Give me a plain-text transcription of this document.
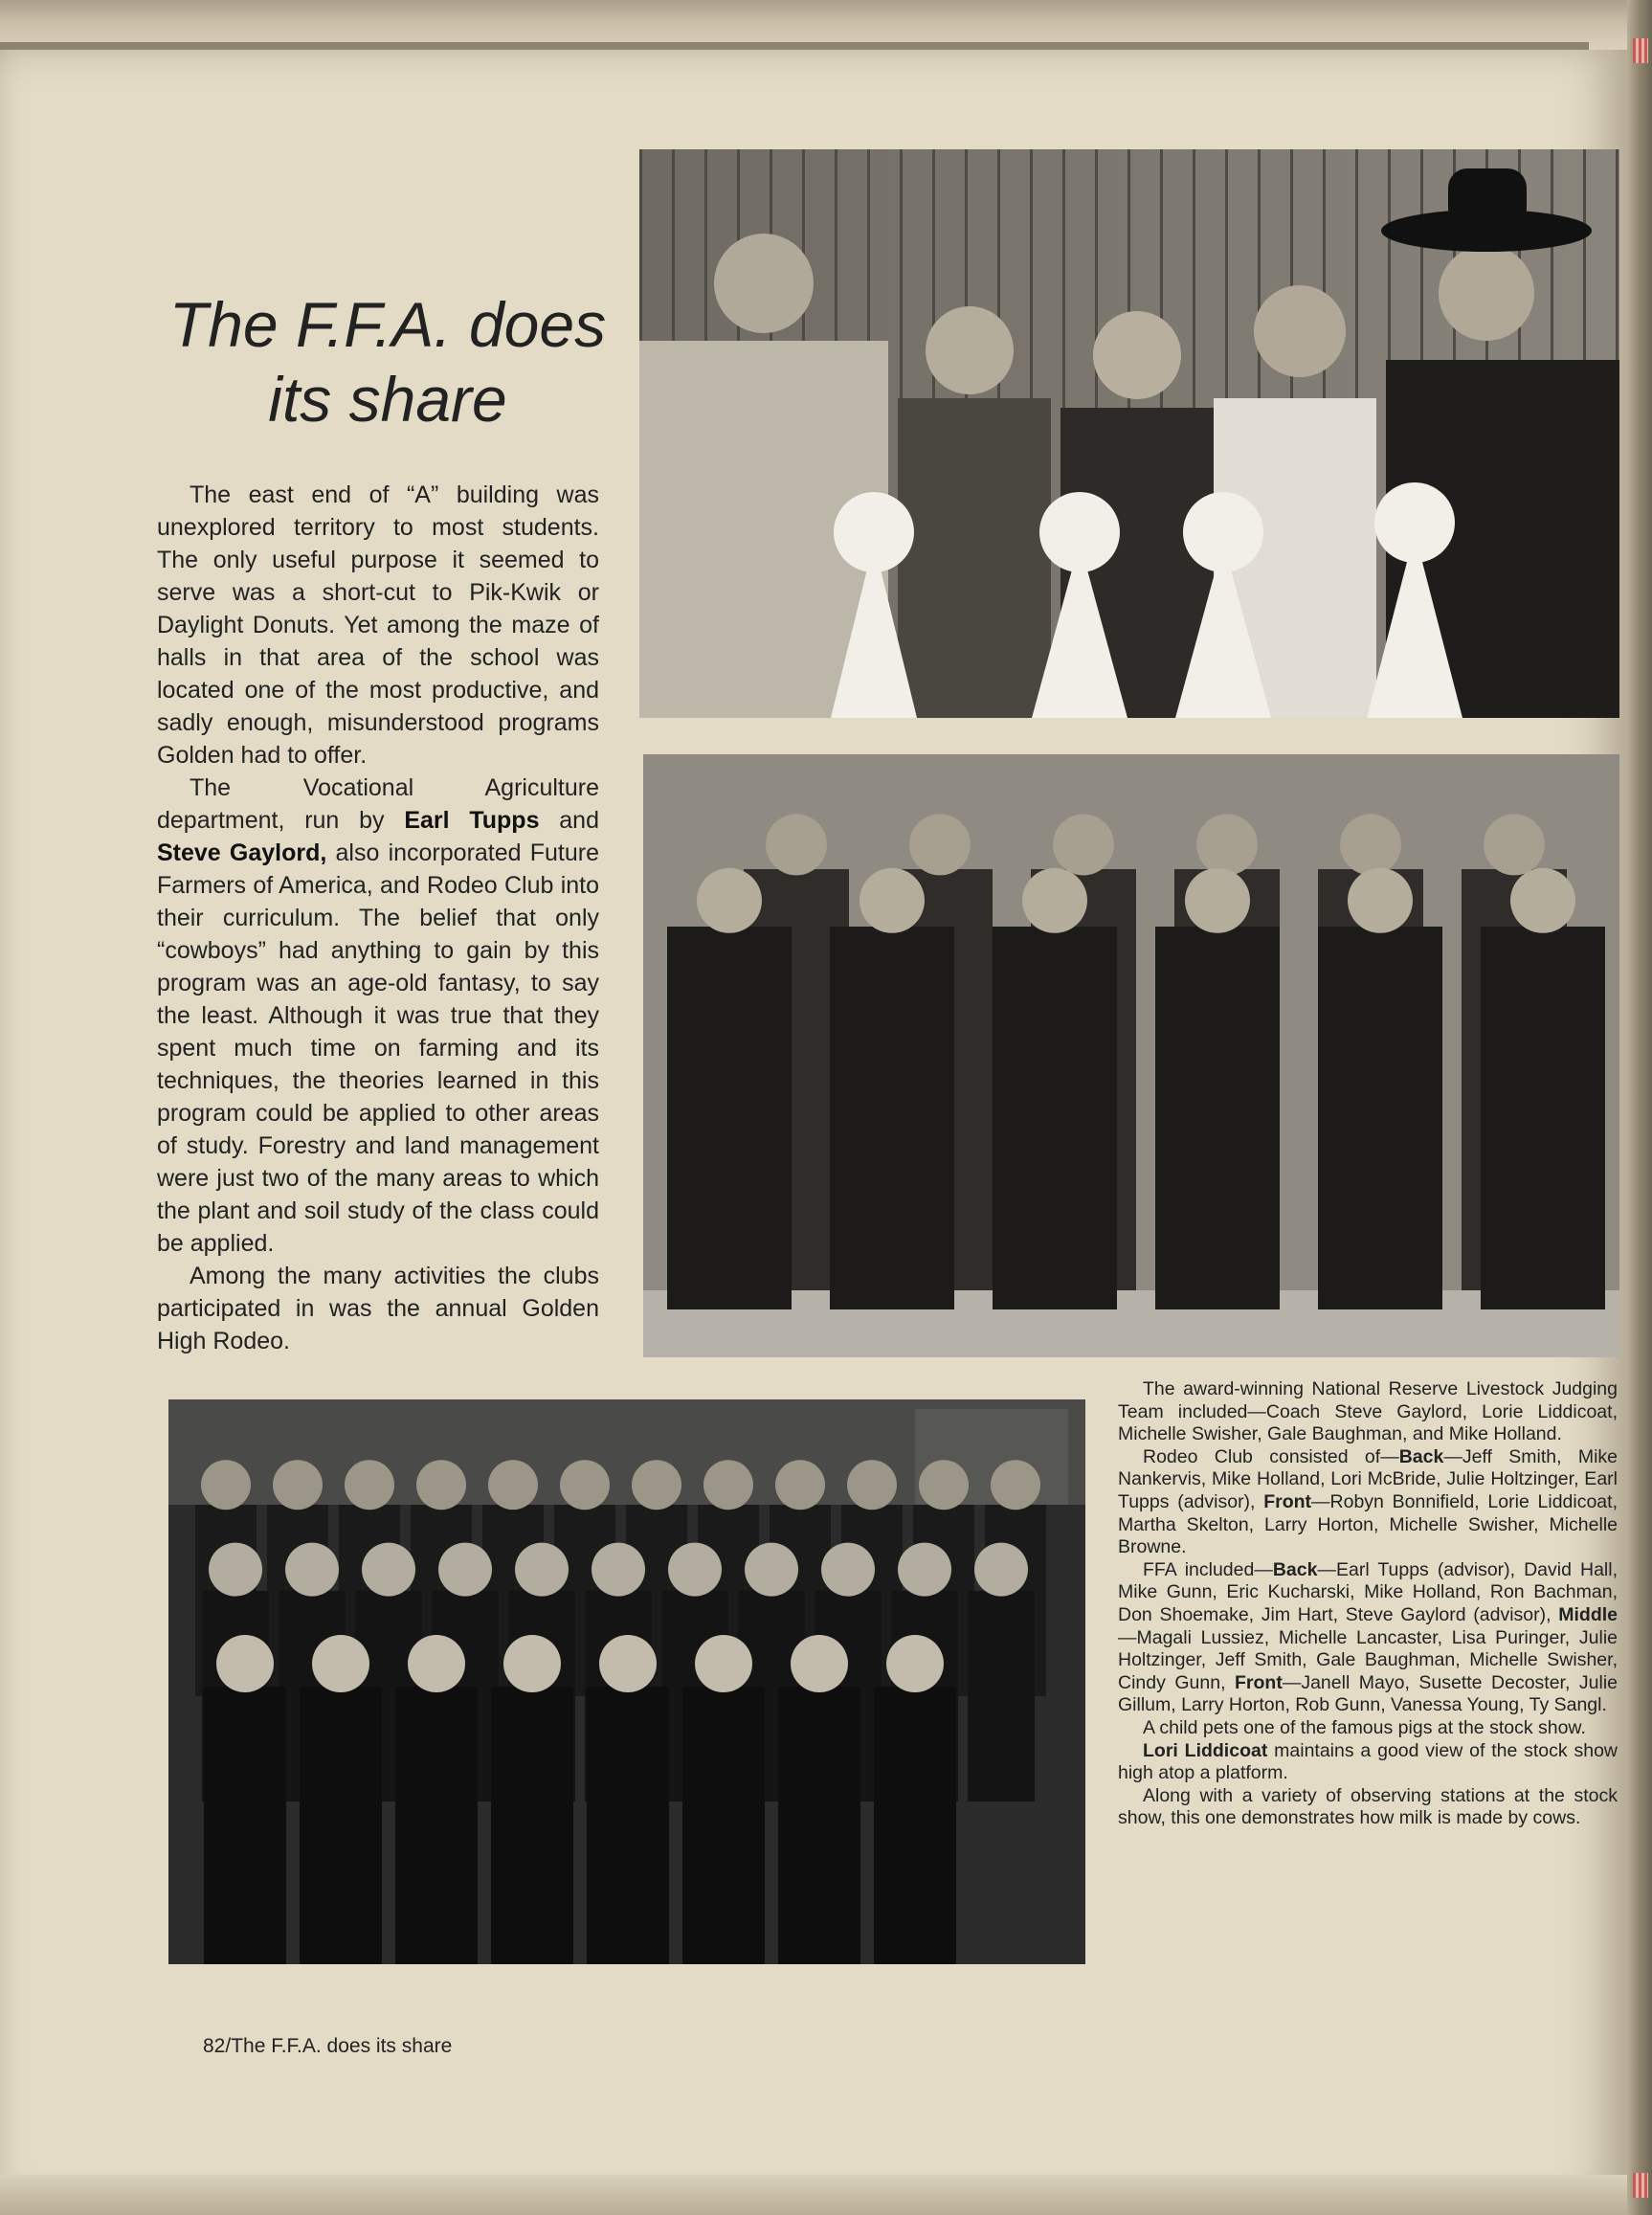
The F.F.A. does its share

The east end of “A” building was unexplored territory to most students. The only useful purpose it seemed to serve was a short-cut to Pik-Kwik or Daylight Donuts. Yet among the maze of halls in that area of the school was located one of the most productive, and sadly enough, misunderstood programs Golden had to offer.

The Vocational Agriculture department, run by Earl Tupps and Steve Gaylord, also incorporated Future Farmers of America, and Rodeo Club into their curriculum. The belief that only “cowboys” had anything to gain by this program was an age-old fantasy, to say the least. Although it was true that they spent much time on farming and its techniques, the theories learned in this program could be applied to other areas of study. Forestry and land management were just two of the many areas to which the plant and soil study of the class could be applied.

Among the many activities the clubs participated in was the annual Golden High Rodeo.

The award-winning National Reserve Livestock Judging Team included—Coach Steve Gaylord, Lorie Liddicoat, Michelle Swisher, Gale Baughman, and Mike Holland.

Rodeo Club consisted of—Back—Jeff Smith, Mike Nankervis, Mike Holland, Lori McBride, Julie Holtzinger, Earl Tupps (advisor), Front—Robyn Bonnifield, Lorie Liddicoat, Martha Skelton, Larry Horton, Michelle Swisher, Michelle Browne.

FFA included—Back—Earl Tupps (advisor), David Hall, Mike Gunn, Eric Kucharski, Mike Holland, Ron Bachman, Don Shoemake, Jim Hart, Steve Gaylord (advisor), Middle—Magali Lussiez, Michelle Lancaster, Lisa Puringer, Julie Holtzinger, Jeff Smith, Gale Baughman, Michelle Swisher, Cindy Gunn, Front—Janell Mayo, Susette Decoster, Julie Gillum, Larry Horton, Rob Gunn, Vanessa Young, Ty Sangl.

A child pets one of the famous pigs at the stock show.

Lori Liddicoat maintains a good view of the stock show high atop a platform.

Along with a variety of observing stations at the stock show, this one demonstrates how milk is made by cows.

82/The F.F.A. does its share
